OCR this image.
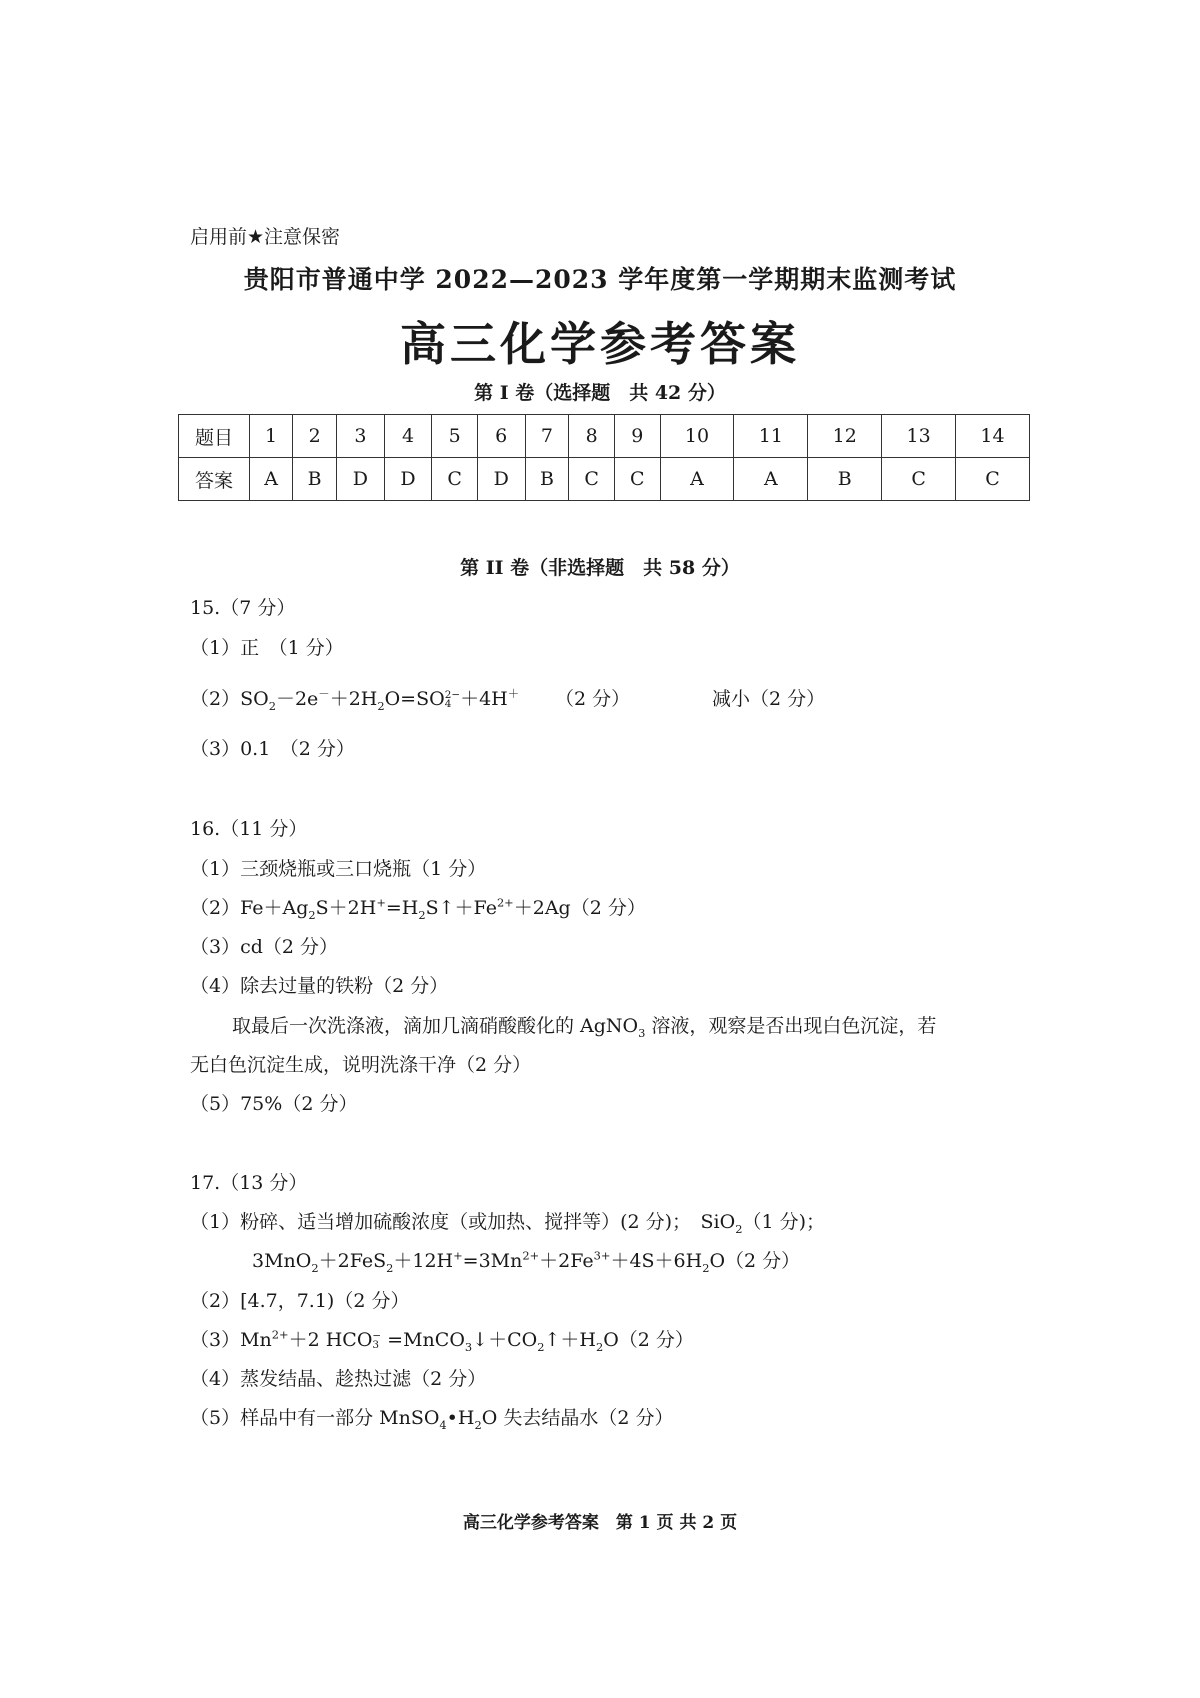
启用前★注意保密
贵阳市普通中学 2022—2023 学年度第一学期期末监测考试
高三化学参考答案
第 I 卷（选择题　共 42 分）
题目	1	2	3	4	5	6	7	8	9	10	11	12	13	14
答案	A	B	D	D	C	D	B	C	C	A	A	B	C	C
第 II 卷（非选择题　共 58 分）
15.（7 分）
（1）正　（1 分）
$(2)SO_2-2e^-+2H_2O=SO$ 2−
4 ＋4H＋ （2 分）	减小（2 分）
（3）0.1　（2 分）
16.（11 分）
（1）三颈烧瓶或三口烧瓶（1 分）
$(2)Fe+Ag_2S+2H^+=H_2S↑+Fe^{2+}+2Ag(2$ 分）
（3）cd（2 分）
（4）除去过量的铁粉（2 分）
取最后一次洗涤液，滴加几滴硝酸酸化的 AgNO$_3$ 溶液，观察是否出现白色沉淀，若
无白色沉淀生成，说明洗涤干净（2 分）
（5）75%（2 分）
17.（13 分）
（1）粉碎、适当增加硫酸浓度（或加热、搅拌等）(2 分)；　SiO$_2$（1 分)；
$3MnO_2+2FeS_2+12H^+=3Mn^{2+}+2Fe^{3+}+4S+6H_2O(2$ 分）
（2）[4.7，7.1)（2 分）
$(3)Mn^{2+}+2$ HCO −
$3 =MnCO_3↓+CO_2↑+H_2O(2$ 分）
（4）蒸发结晶、趁热过滤（2 分）
（5）样品中有一部分 $MnSO_4•H_2O$ 失去结晶水（2 分）
高三化学参考答案　第 1 页 共 2 页
